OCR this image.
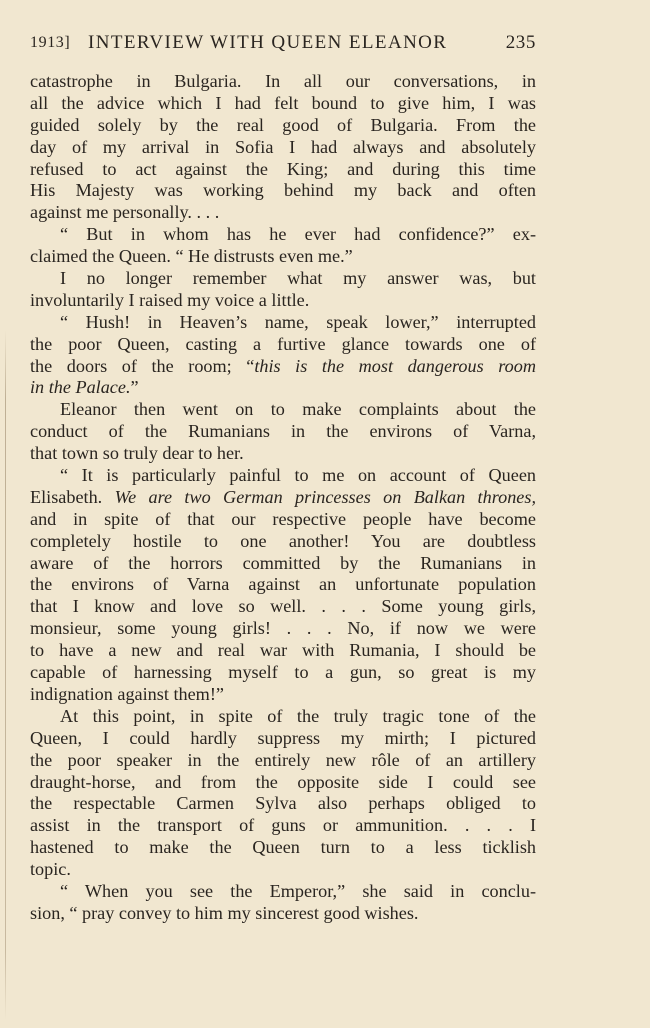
1913] INTERVIEW WITH QUEEN ELEANOR	235
catastrophe in Bulgaria. In all our conversations, in
all the advice which I had felt bound to give him, I was
guided solely by the real good of Bulgaria. From the
day of my arrival in Sofia I had always and absolutely
refused to act against the King; and during this time
His Majesty was working behind my back and often
against me personally. . . .
“ But in whom has he ever had confidence?” ex-
claimed the Queen. “ He distrusts even me.”
I no longer remember what my answer was, but
involuntarily I raised my voice a little.
“ Hush! in Heaven’s name, speak lower,” interrupted
the poor Queen, casting a furtive glance towards one of
the doors of the room; “this is the most dangerous room
in the Palace.”
Eleanor then went on to make complaints about the
conduct of the Rumanians in the environs of Varna,
that town so truly dear to her.
“ It is particularly painful to me on account of Queen
Elisabeth. We are two German princesses on Balkan thrones,
and in spite of that our respective people have become
completely hostile to one another! You are doubtless
aware of the horrors committed by the Rumanians in
the environs of Varna against an unfortunate population
that I know and love so well. . . . Some young girls,
monsieur, some young girls! . . . No, if now we were
to have a new and real war with Rumania, I should be
capable of harnessing myself to a gun, so great is my
indignation against them!”
At this point, in spite of the truly tragic tone of the
Queen, I could hardly suppress my mirth; I pictured
the poor speaker in the entirely new rôle of an artillery
draught-horse, and from the opposite side I could see
the respectable Carmen Sylva also perhaps obliged to
assist in the transport of guns or ammunition. . . . I
hastened to make the Queen turn to a less ticklish
topic.
“ When you see the Emperor,” she said in conclu-
sion, “ pray convey to him my sincerest good wishes.
